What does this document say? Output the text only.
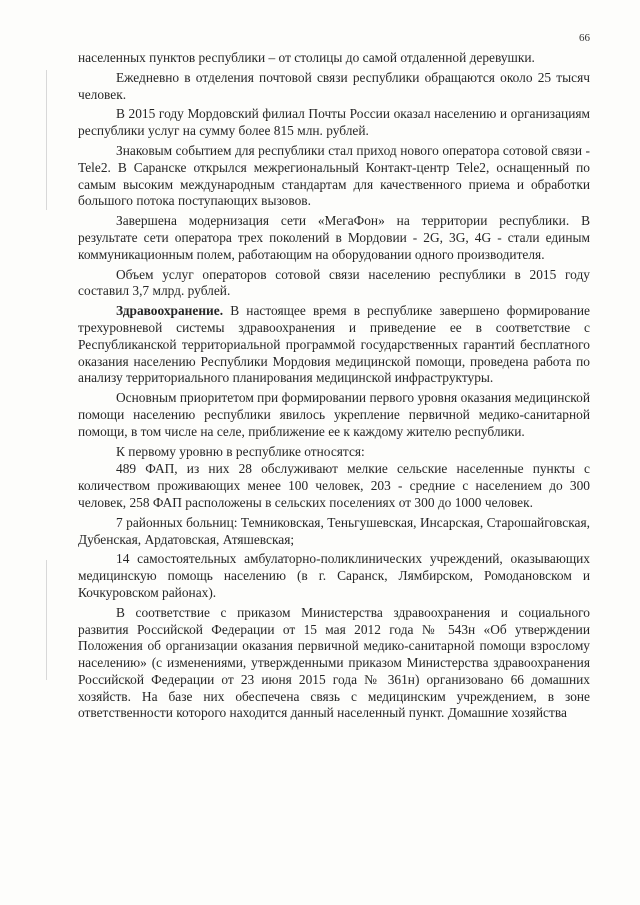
66

населенных пунктов республики – от столицы до самой отдаленной деревушки.

Ежедневно в отделения почтовой связи республики обращаются около 25 тысяч человек.

В 2015 году Мордовский филиал Почты России оказал населению и организациям республики услуг на сумму более 815 млн. рублей.

Знаковым событием для республики стал приход нового оператора сотовой связи - Tele2. В Саранске открылся межрегиональный Контакт-центр Tele2, оснащенный по самым высоким международным стандартам для качественного приема и обработки большого потока поступающих вызовов.

Завершена модернизация сети «МегаФон» на территории республики. В результате сети оператора трех поколений в Мордовии - 2G, 3G, 4G - стали единым коммуникационным полем, работающим на оборудовании одного производителя.

Объем услуг операторов сотовой связи населению республики в 2015 году составил 3,7 млрд. рублей.

Здравоохранение. В настоящее время в республике завершено формирование трехуровневой системы здравоохранения и приведение ее в соответствие с Республиканской территориальной программой государственных гарантий бесплатного оказания населению Республики Мордовия медицинской помощи, проведена работа по анализу территориального планирования медицинской инфраструктуры.

Основным приоритетом при формировании первого уровня оказания медицинской помощи населению республики явилось укрепление первичной медико-санитарной помощи, в том числе на селе, приближение ее к каждому жителю республики.

К первому уровню в республике относятся:

489 ФАП, из них 28 обслуживают мелкие сельские населенные пункты с количеством проживающих менее 100 человек, 203 - средние с населением до 300 человек, 258 ФАП расположены в сельских поселениях от 300 до 1000 человек.

7 районных больниц: Темниковская, Теньгушевская, Инсарская, Старошайговская, Дубенская, Ардатовская, Атяшевская;

14 самостоятельных амбулаторно-поликлинических учреждений, оказывающих медицинскую помощь населению (в г. Саранск, Лямбирском, Ромодановском и Кочкуровском районах).

В соответствие с приказом Министерства здравоохранения и социального развития Российской Федерации от 15 мая 2012 года № 543н «Об утверждении Положения об организации оказания первичной медико-санитарной помощи взрослому населению» (с изменениями, утвержденными приказом Министерства здравоохранения Российской Федерации от 23 июня 2015 года № 361н) организовано 66 домашних хозяйств. На базе них обеспечена связь с медицинским учреждением, в зоне ответственности которого находится данный населенный пункт. Домашние хозяйства
